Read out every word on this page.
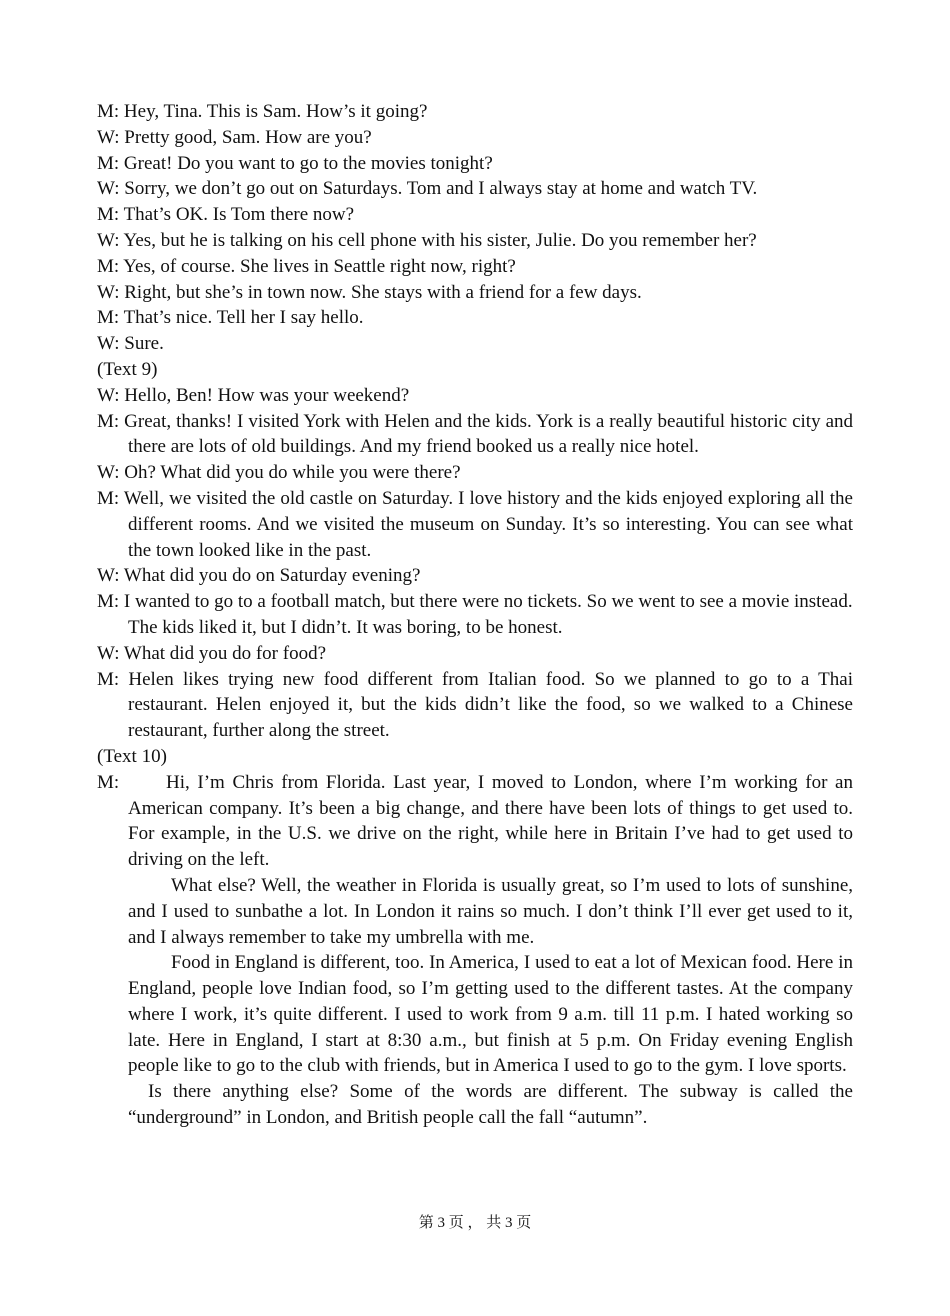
M: Hey, Tina. This is Sam. How’s it going?

W: Pretty good, Sam. How are you?

M: Great! Do you want to go to the movies tonight?

W: Sorry, we don’t go out on Saturdays. Tom and I always stay at home and watch TV.

M: That’s OK. Is Tom there now?

W: Yes, but he is talking on his cell phone with his sister, Julie. Do you remember her?

M: Yes, of course. She lives in Seattle right now, right?

W: Right, but she’s in town now. She stays with a friend for a few days.

M: That’s nice. Tell her I say hello.

W: Sure.

(Text 9)

W: Hello, Ben! How was your weekend?

M: Great, thanks! I visited York with Helen and the kids. York is a really beautiful historic city and there are lots of old buildings. And my friend booked us a really nice hotel.

W: Oh? What did you do while you were there?

M: Well, we visited the old castle on Saturday. I love history and the kids enjoyed exploring all the different rooms. And we visited the museum on Sunday. It’s so interesting. You can see what the town looked like in the past.

W: What did you do on Saturday evening?

M: I wanted to go to a football match, but there were no tickets. So we went to see a movie instead. The kids liked it, but I didn’t. It was boring, to be honest.

W: What did you do for food?

M: Helen likes trying new food different from Italian food. So we planned to go to a Thai restaurant. Helen enjoyed it, but the kids didn’t like the food, so we walked to a Chinese restaurant, further along the street.

(Text 10)

M: Hi, I’m Chris from Florida. Last year, I moved to London, where I’m working for an American company. It’s been a big change, and there have been lots of things to get used to. For example, in the U.S. we drive on the right, while here in Britain I’ve had to get used to driving on the left.

What else? Well, the weather in Florida is usually great, so I’m used to lots of sunshine, and I used to sunbathe a lot. In London it rains so much. I don’t think I’ll ever get used to it, and I always remember to take my umbrella with me.

Food in England is different, too. In America, I used to eat a lot of Mexican food. Here in England, people love Indian food, so I’m getting used to the different tastes. At the company where I work, it’s quite different. I used to work from 9 a.m. till 11 p.m. I hated working so late. Here in England, I start at 8:30 a.m., but finish at 5 p.m. On Friday evening English people like to go to the club with friends, but in America I used to go to the gym. I love sports.

Is there anything else? Some of the words are different. The subway is called the “underground” in London, and British people call the fall “autumn”.

第 3 页 ， 共 3 页
